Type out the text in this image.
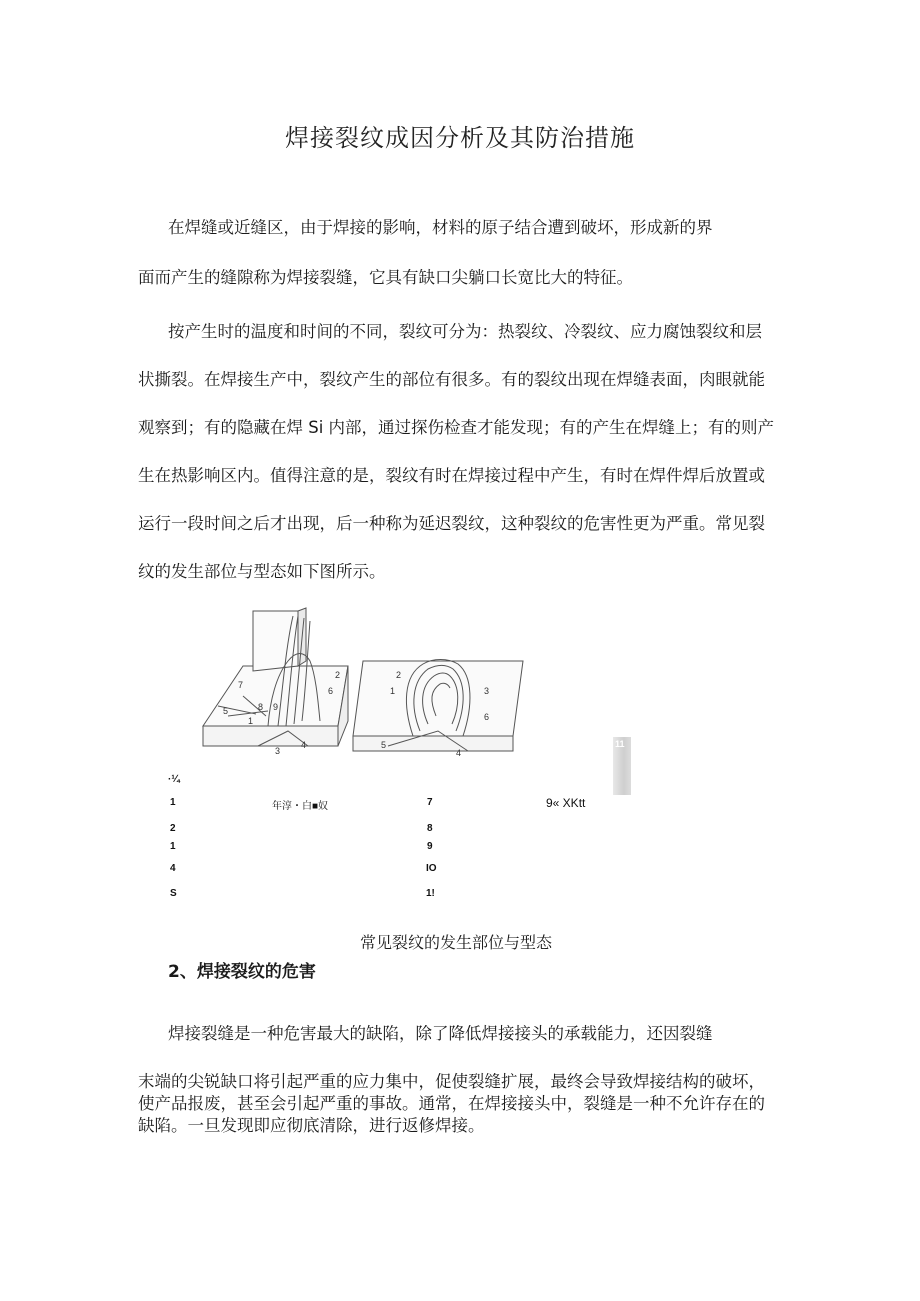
焊接裂纹成因分析及其防治措施
在焊缝或近缝区，由于焊接的影响，材料的原子结合遭到破坏，形成新的界
面而产生的缝隙称为焊接裂缝，它具有缺口尖躺口长宽比大的特征。
按产生时的温度和时间的不同，裂纹可分为：热裂纹、冷裂纹、应力腐蚀裂纹和层
状撕裂。在焊接生产中，裂纹产生的部位有很多。有的裂纹出现在焊缝表面，肉眼就能
观察到；有的隐藏在焊 Si 内部，通过探伤检查才能发现；有的产生在焊缝上；有的则产
生在热影响区内。值得注意的是，裂纹有时在焊接过程中产生，有时在焊件焊后放置或
运行一段时间之后才出现，后一种称为延迟裂纹，这种裂纹的危害性更为严重。常见裂
纹的发生部位与型态如下图所示。
7
8 9
5
1
4
3
2
6
2
1	3
6
5
4
11
·¼
1
2
1
4
S
年淳・白■奴	7
8
9
IO
1!
9« XKtt
常见裂纹的发生部位与型态
2、焊接裂纹的危害
焊接裂缝是一种危害最大的缺陷，除了降低焊接接头的承载能力，还因裂缝
末端的尖锐缺口将引起严重的应力集中，促使裂缝扩展，最终会导致焊接结构的破坏，
使产品报废，甚至会引起严重的事故。通常，在焊接接头中，裂缝是一种不允许存在的
缺陷。一旦发现即应彻底清除，进行返修焊接。
